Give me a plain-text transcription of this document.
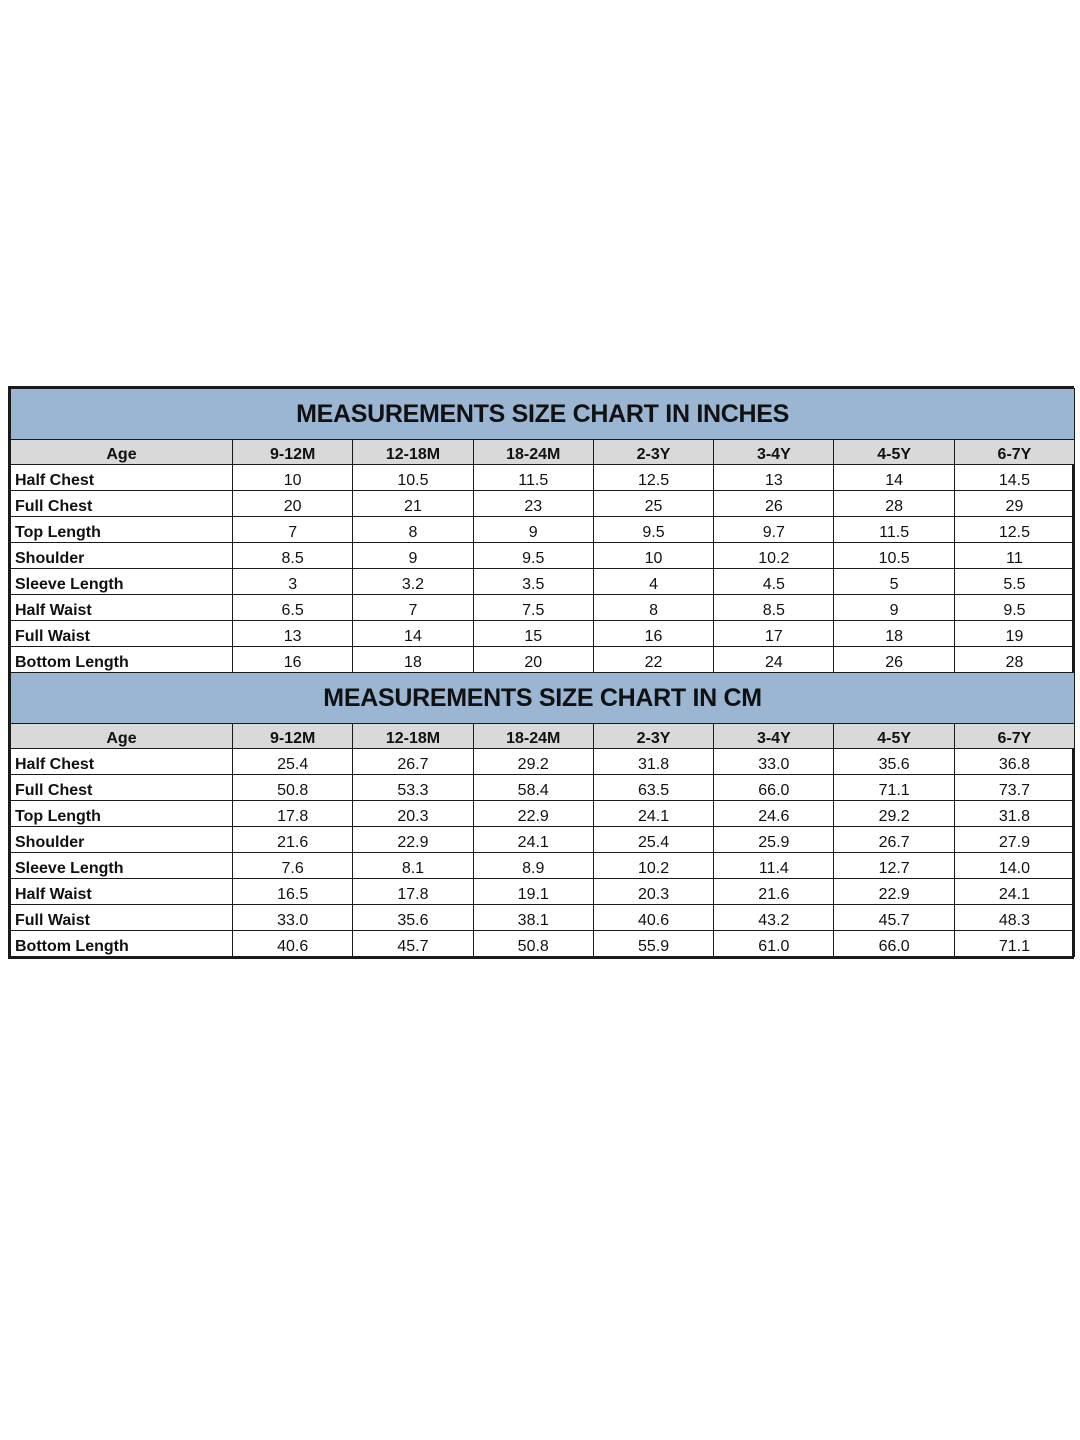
MEASUREMENTS SIZE CHART IN INCHES							
Age	9-12M	12-18M	18-24M	2-3Y	3-4Y	4-5Y	6-7Y
Half Chest	10	10.5	11.5	12.5	13	14	14.5
Full Chest	20	21	23	25	26	28	29
Top Length	7	8	9	9.5	9.7	11.5	12.5
Shoulder	8.5	9	9.5	10	10.2	10.5	11
Sleeve Length	3	3.2	3.5	4	4.5	5	5.5
Half Waist	6.5	7	7.5	8	8.5	9	9.5
Full Waist	13	14	15	16	17	18	19
Bottom Length	16	18	20	22	24	26	28
MEASUREMENTS SIZE CHART IN CM							
Age	9-12M	12-18M	18-24M	2-3Y	3-4Y	4-5Y	6-7Y
Half Chest	25.4	26.7	29.2	31.8	33.0	35.6	36.8
Full Chest	50.8	53.3	58.4	63.5	66.0	71.1	73.7
Top Length	17.8	20.3	22.9	24.1	24.6	29.2	31.8
Shoulder	21.6	22.9	24.1	25.4	25.9	26.7	27.9
Sleeve Length	7.6	8.1	8.9	10.2	11.4	12.7	14.0
Half Waist	16.5	17.8	19.1	20.3	21.6	22.9	24.1
Full Waist	33.0	35.6	38.1	40.6	43.2	45.7	48.3
Bottom Length	40.6	45.7	50.8	55.9	61.0	66.0	71.1
